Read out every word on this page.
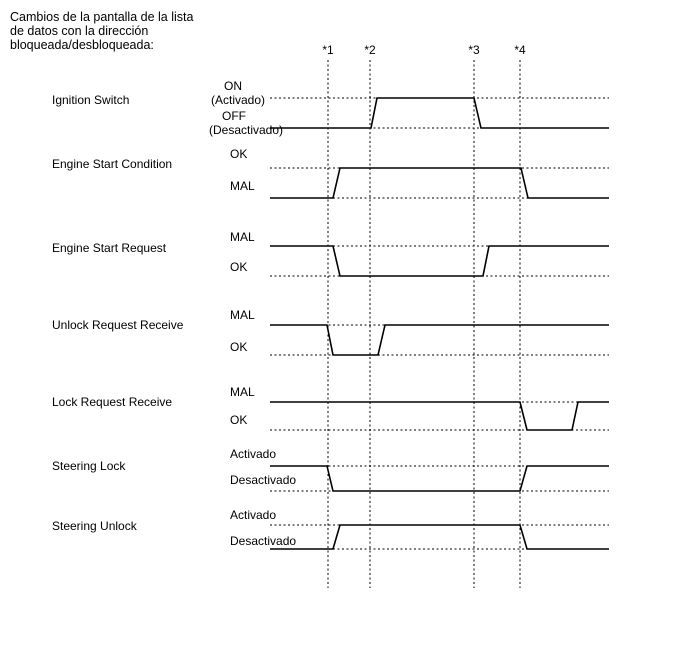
Cambios de la pantalla de la lista
de datos con la dirección
bloqueada/desbloqueada:	*1	*2	*3	*4
Ignition Switch
ON
(Activado)
OFF
(Desactivado)
Engine Start Condition
OK
MAL
Engine Start Request
MAL
OK
Unlock Request Receive
MAL
OK
Lock Request Receive
MAL
OK
Steering Lock
Activado
Desactivado
Steering Unlock
Activado
Desactivado
